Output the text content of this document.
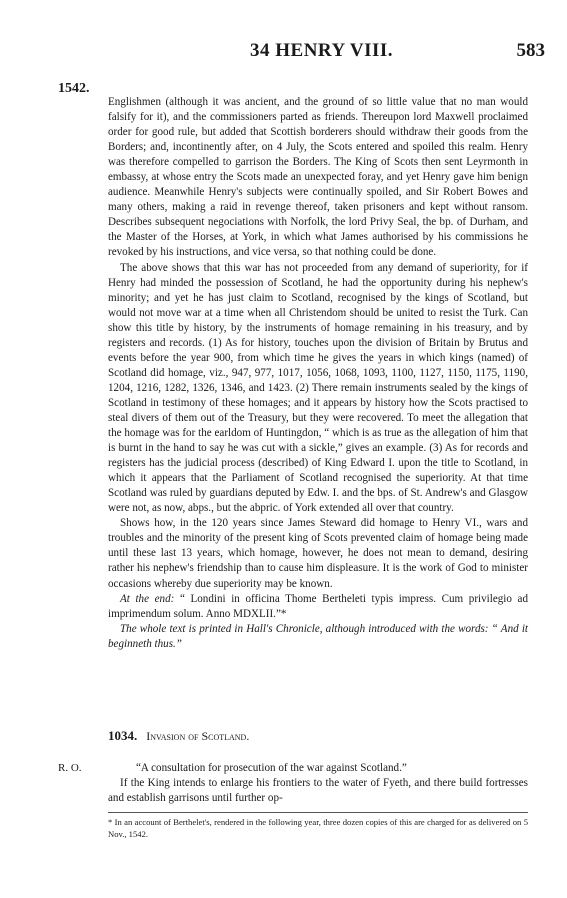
34 HENRY VIII.	583
1542.

Englishmen (although it was ancient, and the ground of so little value that no man would falsify for it), and the commissioners parted as friends. Thereupon lord Maxwell proclaimed order for good rule, but added that Scottish borderers should withdraw their goods from the Borders; and, incontinently after, on 4 July, the Scots entered and spoiled this realm. Henry was therefore compelled to garrison the Borders. The King of Scots then sent Leyrmonth in embassy, at whose entry the Scots made an unexpected foray, and yet Henry gave him benign audience. Meanwhile Henry's subjects were continually spoiled, and Sir Robert Bowes and many others, making a raid in revenge thereof, taken prisoners and kept without ransom. Describes subsequent negociations with Norfolk, the lord Privy Seal, the bp. of Durham, and the Master of the Horses, at York, in which what James authorised by his commissions he revoked by his instructions, and vice versa, so that nothing could be done.

The above shows that this war has not proceeded from any demand of superiority, for if Henry had minded the possession of Scotland, he had the opportunity during his nephew's minority; and yet he has just claim to Scotland, recognised by the kings of Scotland, but would not move war at a time when all Christendom should be united to resist the Turk. Can show this title by history, by the instruments of homage remaining in his treasury, and by registers and records. (1) As for history, touches upon the division of Britain by Brutus and events before the year 900, from which time he gives the years in which kings (named) of Scotland did homage, viz., 947, 977, 1017, 1056, 1068, 1093, 1100, 1127, 1150, 1175, 1190, 1204, 1216, 1282, 1326, 1346, and 1423. (2) There remain instruments sealed by the kings of Scotland in testimony of these homages; and it appears by history how the Scots practised to steal divers of them out of the Treasury, but they were recovered. To meet the allegation that the homage was for the earldom of Huntingdon, “ which is as true as the allegation of him that is burnt in the hand to say he was cut with a sickle,” gives an example. (3) As for records and registers has the judicial process (described) of King Edward I. upon the title to Scotland, in which it appears that the Parliament of Scotland recognised the superiority. At that time Scotland was ruled by guardians deputed by Edw. I. and the bps. of St. Andrew's and Glasgow were not, as now, abps., but the abpric. of York extended all over that country.

Shows how, in the 120 years since James Steward did homage to Henry VI., wars and troubles and the minority of the present king of Scots prevented claim of homage being made until these last 13 years, which homage, however, he does not mean to demand, desiring rather his nephew's friendship than to cause him displeasure. It is the work of God to minister occasions whereby due superiority may be known.

At the end: “ Londini in officina Thome Bertheleti typis impress. Cum privilegio ad imprimendum solum. Anno MDXLII.”*

The whole text is printed in Hall's Chronicle, although introduced with the words: “ And it beginneth thus.”

1034. Invasion of Scotland.
R. O.	“A consultation for prosecution of the war against Scotland.”

If the King intends to enlarge his frontiers to the water of Fyeth, and there build fortresses and establish garrisons until further op-

* In an account of Berthelet's, rendered in the following year, three dozen copies of this are charged for as delivered on 5 Nov., 1542.
